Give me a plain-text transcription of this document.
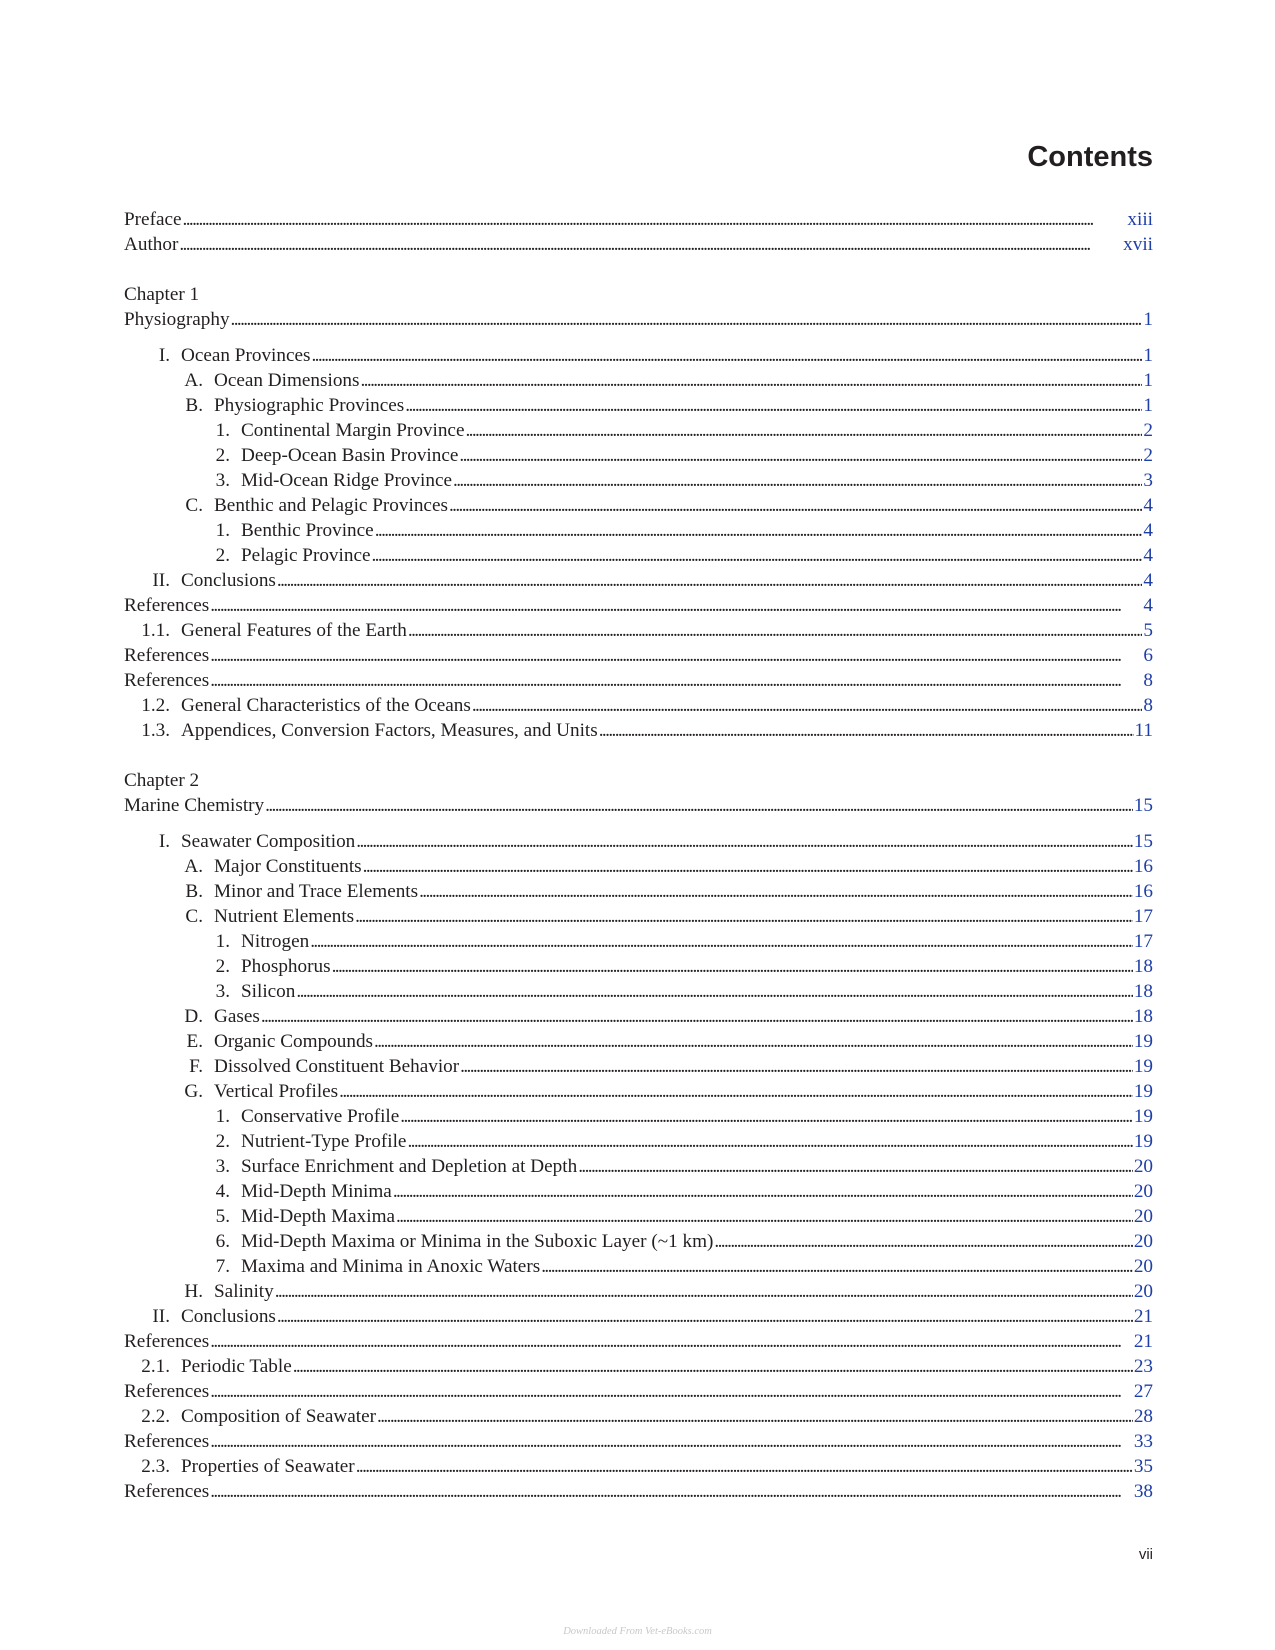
Contents
Preface . . .	xiii
Author . . .	xvii
Chapter 1
Physiography . . .	1
I. Ocean Provinces . . .	1
A. Ocean Dimensions . . .	1
B. Physiographic Provinces . . .	1
1. Continental Margin Province . . .	2
2. Deep-Ocean Basin Province . . .	2
3. Mid-Ocean Ridge Province . . .	3
C. Benthic and Pelagic Provinces . . .	4
1. Benthic Province . . .	4
2. Pelagic Province . . .	4
II. Conclusions . . .	4
References . . .	4
1.1. General Features of the Earth . . .	5
References . . .	6
References . . .	8
1.2. General Characteristics of the Oceans . . .	8
1.3. Appendices, Conversion Factors, Measures, and Units . . .	11
Chapter 2
Marine Chemistry . . .	15
I. Seawater Composition . . .	15
A. Major Constituents . . .	16
B. Minor and Trace Elements . . .	16
C. Nutrient Elements . . .	17
1. Nitrogen . . .	17
2. Phosphorus . . .	18
3. Silicon . . .	18
D. Gases . . .	18
E. Organic Compounds . . .	19
F. Dissolved Constituent Behavior . . .	19
G. Vertical Profiles . . .	19
1. Conservative Profile . . .	19
2. Nutrient-Type Profile . . .	19
3. Surface Enrichment and Depletion at Depth . . .	20
4. Mid-Depth Minima . . .	20
5. Mid-Depth Maxima . . .	20
6. Mid-Depth Maxima or Minima in the Suboxic Layer (~1 km) . . .	20
7. Maxima and Minima in Anoxic Waters . . .	20
H. Salinity . . .	20
II. Conclusions . . .	21
References . . .	21
2.1. Periodic Table . . .	23
References . . .	27
2.2. Composition of Seawater . . .	28
References . . .	33
2.3. Properties of Seawater . . .	35
References . . .	38
vii
Downloaded From Vet-eBooks.com
